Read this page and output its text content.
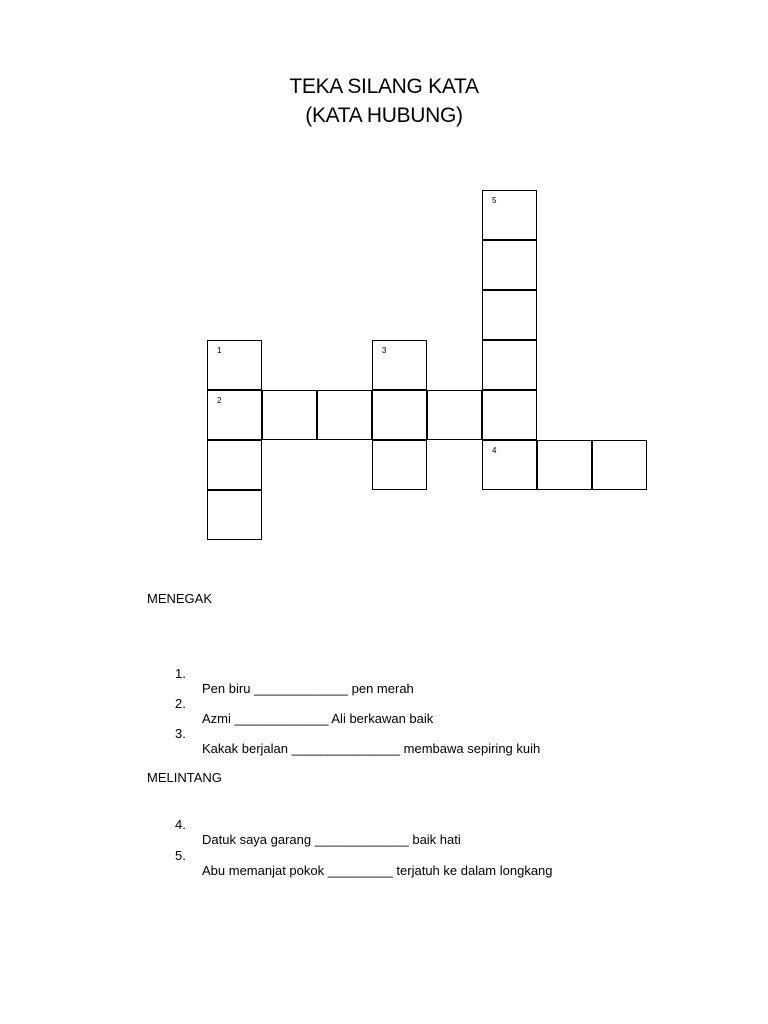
TEKA SILANG KATA
(KATA HUBUNG)
5
1	3
2
4
MENEGAK

1.

Pen biru _____________ pen merah

2.

Azmi _____________ Ali berkawan baik

3.

Kakak berjalan _______________ membawa sepiring kuih

MELINTANG

4.

Datuk saya garang _____________ baik hati

5.

Abu memanjat pokok _________ terjatuh ke dalam longkang
